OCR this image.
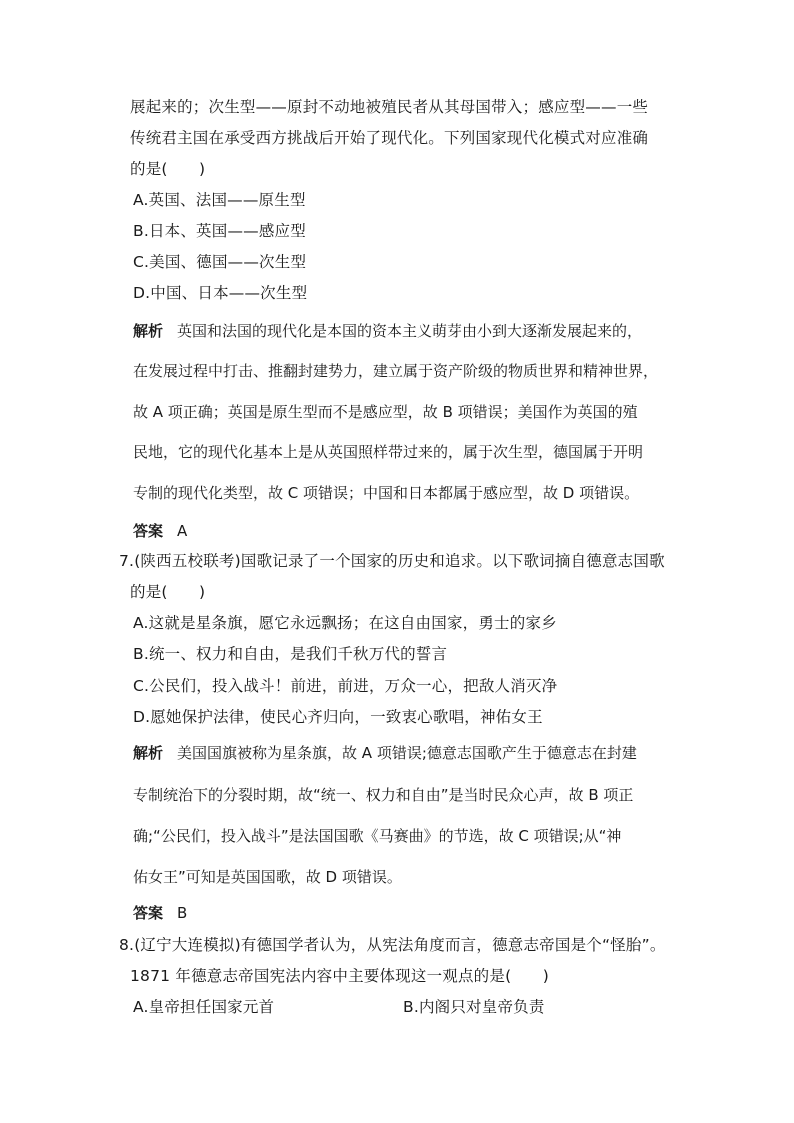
展起来的；次生型——原封不动地被殖民者从其母国带入；感应型——一些
传统君主国在承受西方挑战后开始了现代化。下列国家现代化模式对应准确
的是(　　)
A.英国、法国——原生型
B.日本、英国——感应型
C.美国、德国——次生型
D.中国、日本——次生型
解析 英国和法国的现代化是本国的资本主义萌芽由小到大逐渐发展起来的，
在发展过程中打击、推翻封建势力，建立属于资产阶级的物质世界和精神世界，
故 A 项正确；英国是原生型而不是感应型，故 B 项错误；美国作为英国的殖
民地，它的现代化基本上是从英国照样带过来的，属于次生型，德国属于开明
专制的现代化类型，故 C 项错误；中国和日本都属于感应型，故 D 项错误。
答案 A
7.(陕西五校联考)国歌记录了一个国家的历史和追求。以下歌词摘自德意志国歌
的是(　　)
A.这就是星条旗，愿它永远飘扬；在这自由国家，勇士的家乡
B.统一、权力和自由，是我们千秋万代的誓言
C.公民们，投入战斗！前进，前进，万众一心，把敌人消灭净
D.愿她保护法律，使民心齐归向，一致衷心歌唱，神佑女王
解析 美国国旗被称为星条旗，故 A 项错误;德意志国歌产生于德意志在封建
专制统治下的分裂时期，故“统一、权力和自由”是当时民众心声，故 B 项正
确;“公民们，投入战斗”是法国国歌《马赛曲》的节选，故 C 项错误;从“神
佑女王”可知是英国国歌，故 D 项错误。
答案 B
8.(辽宁大连模拟)有德国学者认为，从宪法角度而言，德意志帝国是个“怪胎”。
1871 年德意志帝国宪法内容中主要体现这一观点的是(　　)
A.皇帝担任国家元首	B.内阁只对皇帝负责
